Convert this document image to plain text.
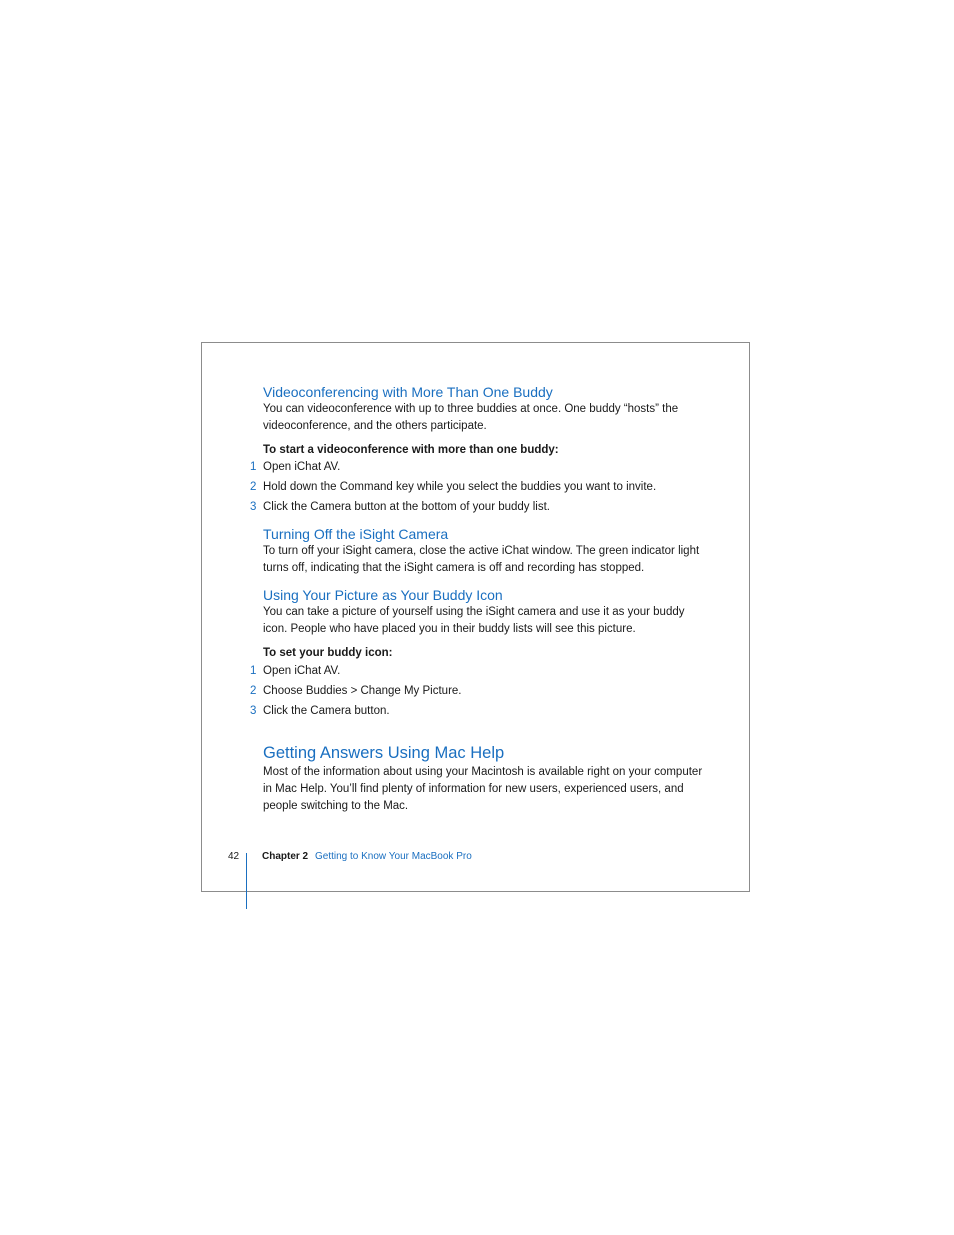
Videoconferencing with More Than One Buddy

You can videoconference with up to three buddies at once. One buddy “hosts” the videoconference, and the others participate.

To start a videoconference with more than one buddy:
1 Open iChat AV.
2 Hold down the Command key while you select the buddies you want to invite.
3 Click the Camera button at the bottom of your buddy list.
Turning Off the iSight Camera

To turn off your iSight camera, close the active iChat window. The green indicator light turns off, indicating that the iSight camera is off and recording has stopped.

Using Your Picture as Your Buddy Icon

You can take a picture of yourself using the iSight camera and use it as your buddy icon. People who have placed you in their buddy lists will see this picture.

To set your buddy icon:
1 Open iChat AV.
2 Choose Buddies > Change My Picture.
3 Click the Camera button.
Getting Answers Using Mac Help

Most of the information about using your Macintosh is available right on your computer in Mac Help. You’ll find plenty of information for new users, experienced users, and people switching to the Mac.

42 Chapter 2 Getting to Know Your MacBook Pro
